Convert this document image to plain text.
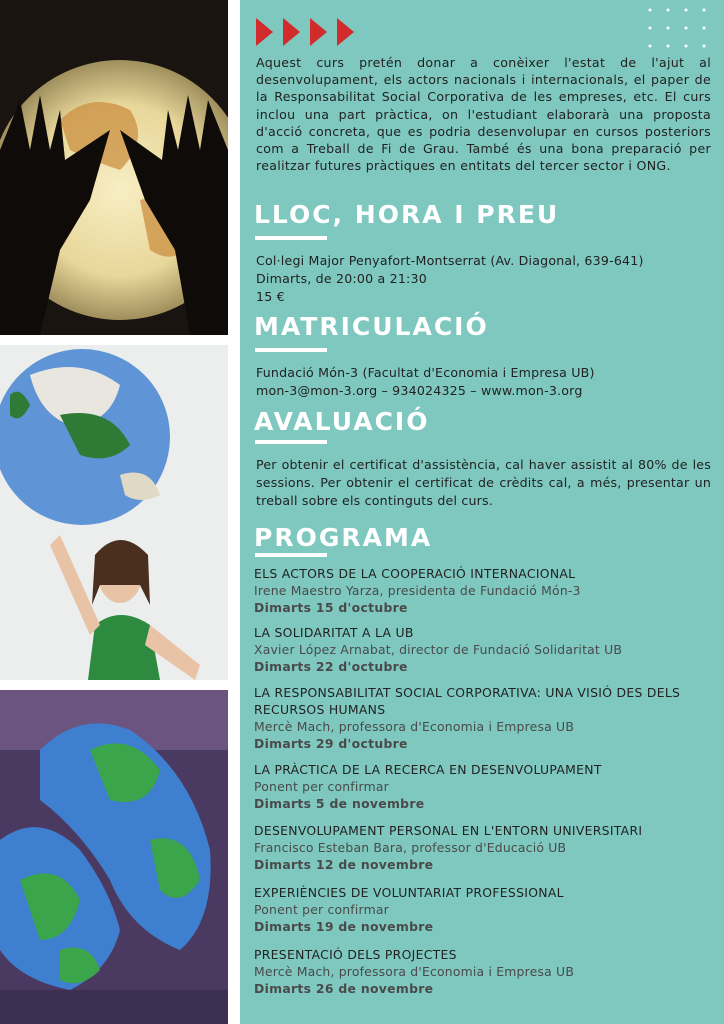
Aquest curs pretén donar a conèixer l'estat de l'ajut al desenvolupament, els actors nacionals i internacionals, el paper de la Responsabilitat Social Corporativa de les empreses, etc. El curs inclou una part pràctica, on l'estudiant elaborarà una proposta d'acció concreta, que es podria desenvolupar en cursos posteriors com a Treball de Fi de Grau. També és una bona preparació per realitzar futures pràctiques en entitats del tercer sector i ONG.
LLOC, HORA I PREU
Col·legi Major Penyafort-Montserrat (Av. Diagonal, 639-641)
Dimarts, de 20:00 a 21:30
15 €
MATRICULACIÓ
Fundació Món-3 (Facultat d'Economia i Empresa UB)
mon-3@mon-3.org – 934024325 – www.mon-3.org
AVALUACIÓ
Per obtenir el certificat d'assistència, cal haver assistit al 80% de les sessions. Per obtenir el certificat de crèdits cal, a més, presentar un treball sobre els continguts del curs.
PROGRAMA
ELS ACTORS DE LA COOPERACIÓ INTERNACIONAL
Irene Maestro Yarza, presidenta de Fundació Món-3
Dimarts 15 d'octubre
LA SOLIDARITAT A LA UB
Xavier López Arnabat, director de Fundació Solidaritat UB
Dimarts 22 d'octubre
LA RESPONSABILITAT SOCIAL CORPORATIVA: UNA VISIÓ DES DELS RECURSOS HUMANS
Mercè Mach, professora d'Economia i Empresa UB
Dimarts 29 d'octubre
LA PRÀCTICA DE LA RECERCA EN DESENVOLUPAMENT
Ponent per confirmar
Dimarts 5 de novembre
DESENVOLUPAMENT PERSONAL EN L'ENTORN UNIVERSITARI
Francisco Esteban Bara, professor d'Educació UB
Dimarts 12 de novembre
EXPERIÈNCIES DE VOLUNTARIAT PROFESSIONAL
Ponent per confirmar
Dimarts 19 de novembre
PRESENTACIÓ DELS PROJECTES
Mercè Mach, professora d'Economia i Empresa UB
Dimarts 26 de novembre
